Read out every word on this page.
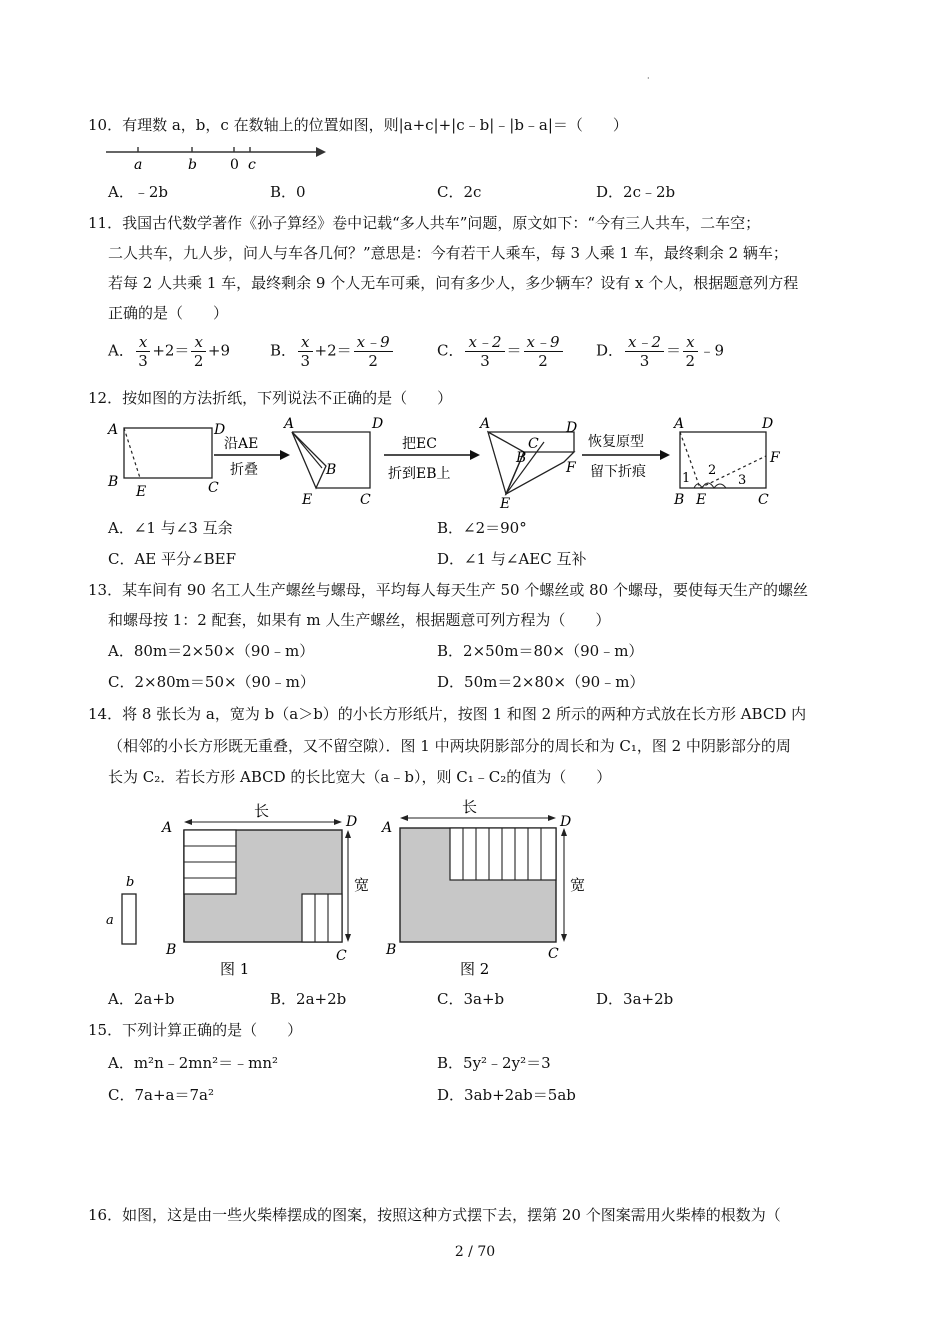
·
10．有理数 a，b，c 在数轴上的位置如图，则|a+c|+|c﹣b|﹣|b﹣a|＝（　　）
a	b 0 c
A．﹣2b	B．0	C．2c	D．2c﹣2b
11．我国古代数学著作《孙子算经》卷中记载“多人共车”问题，原文如下：“今有三人共车，二车空；
二人共车，九人步，问人与车各几何？”意思是：今有若干人乘车，每 3 人乘 1 车，最终剩余 2 辆车；
若每 2 人共乘 1 车，最终剩余 9 个人无车可乘，问有多少人，多少辆车？设有 x 个人，根据题意列方程
正确的是（　　）
A． $\frac{x}{3} +2= \frac{x}{2} +9$	B． $\frac{x}{3} +2= \frac{x﹣9}{2}$	C． $\frac{x﹣2}{3} = \frac{x﹣9}{2}$ D． $\frac{x﹣2}{3} = \frac{x}{2}$ ﹣9
12．按如图的方法折纸，下列说法不正确的是（　　）
A	D
B
E	C
沿AE
折叠
A	D
B
E	C
把EC
折到EB上
A	D
B
C
F
E
恢复原型
留下折痕
A	D
F
1
2
3
B E	C
A．∠1 与∠3 互余	B．∠2＝90°
C．AE 平分∠BEF	D．∠1 与∠AEC 互补
13．某车间有 90 名工人生产螺丝与螺母，平均每人每天生产 50 个螺丝或 80 个螺母，要使每天生产的螺丝
和螺母按 1：2 配套，如果有 m 人生产螺丝，根据题意可列方程为（　　）
A．80m＝2×50×（90﹣m）	B．2×50m＝80×（90﹣m）
C．2×80m＝50×（90﹣m）	D．50m＝2×80×（90﹣m）
14．将 8 张长为 a，宽为 b（a＞b）的小长方形纸片，按图 1 和图 2 所示的两种方式放在长方形 ABCD 内
（相邻的小长方形既无重叠，又不留空隙）．图 1 中两块阴影部分的周长和为 C₁，图 2 中阴影部分的周
长为 C₂．若长方形 ABCD 的长比宽大（a﹣b），则 C₁﹣C₂的值为（　　）
b
a
长
宽
A	D
B	C
图 1
长
宽
A	D
B	C
图 2
A．2a+b	B．2a+2b	C．3a+b	D．3a+2b
15．下列计算正确的是（　　）
A．m²n﹣2mn²＝﹣mn²	B．5y²﹣2y²＝3
C．7a+a＝7a²	D．3ab+2ab＝5ab
16．如图，这是由一些火柴棒摆成的图案，按照这种方式摆下去，摆第 20 个图案需用火柴棒的根数为（
2 / 70
